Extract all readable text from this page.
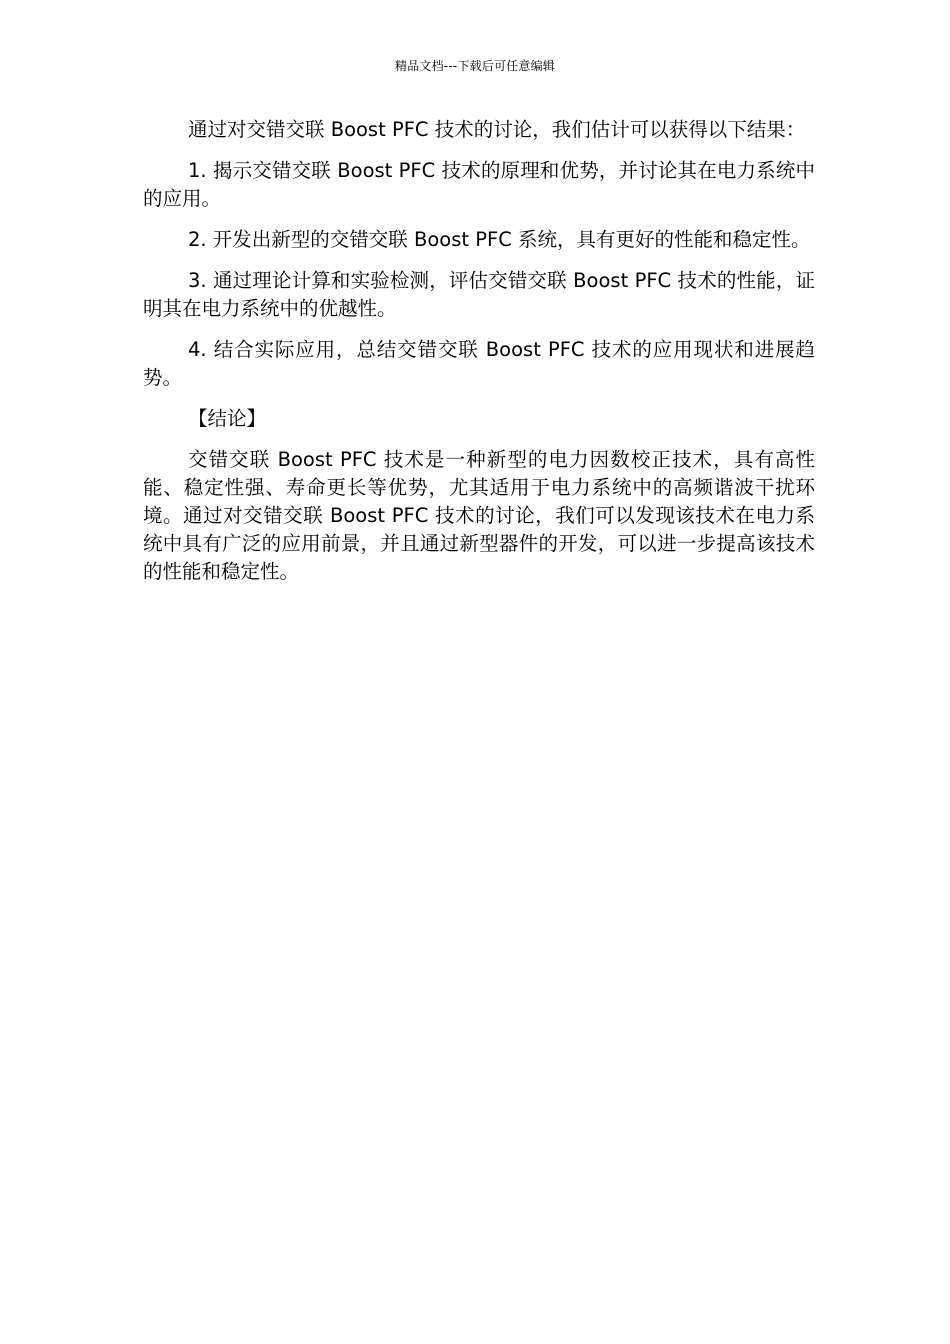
精品文档---下载后可任意编辑

通过对交错交联 Boost PFC 技术的讨论，我们估计可以获得以下结果：

1. 揭示交错交联 Boost PFC 技术的原理和优势，并讨论其在电力系统中的应用。

2. 开发出新型的交错交联 Boost PFC 系统，具有更好的性能和稳定性。

3. 通过理论计算和实验检测，评估交错交联 Boost PFC 技术的性能，证明其在电力系统中的优越性。

4. 结合实际应用，总结交错交联 Boost PFC 技术的应用现状和进展趋势。

【结论】

交错交联 Boost PFC 技术是一种新型的电力因数校正技术，具有高性能、稳定性强、寿命更长等优势，尤其适用于电力系统中的高频谐波干扰环境。通过对交错交联 Boost PFC 技术的讨论，我们可以发现该技术在电力系统中具有广泛的应用前景，并且通过新型器件的开发，可以进一步提高该技术的性能和稳定性。
